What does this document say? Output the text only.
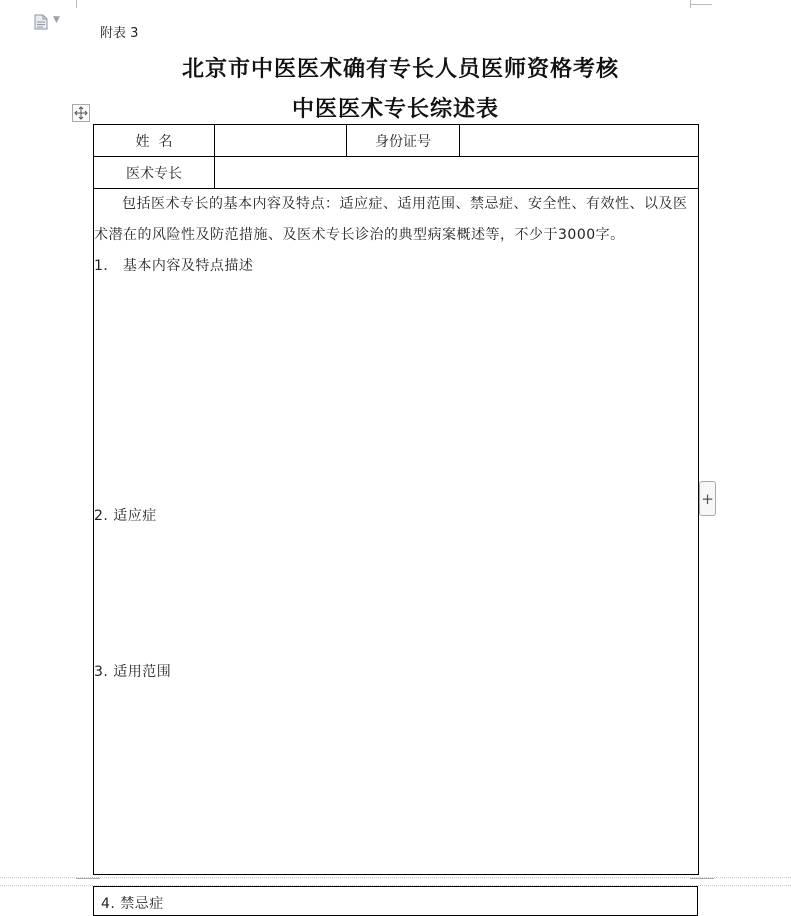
▼
附表 3
北京市中医医术确有专长人员医师资格考核
中医医术专长综述表
+
姓  名		身份证号	
医术专长			

包括医术专长的基本内容及特点：适应症、适用范围、禁忌症、安全性、有效性、以及医术潜在的风险性及防范措施、及医术专长诊治的典型病案概述等，不少于3000字。

1． 基本内容及特点描述

2. 适应症

3. 适用范围			

4. 禁忌症
